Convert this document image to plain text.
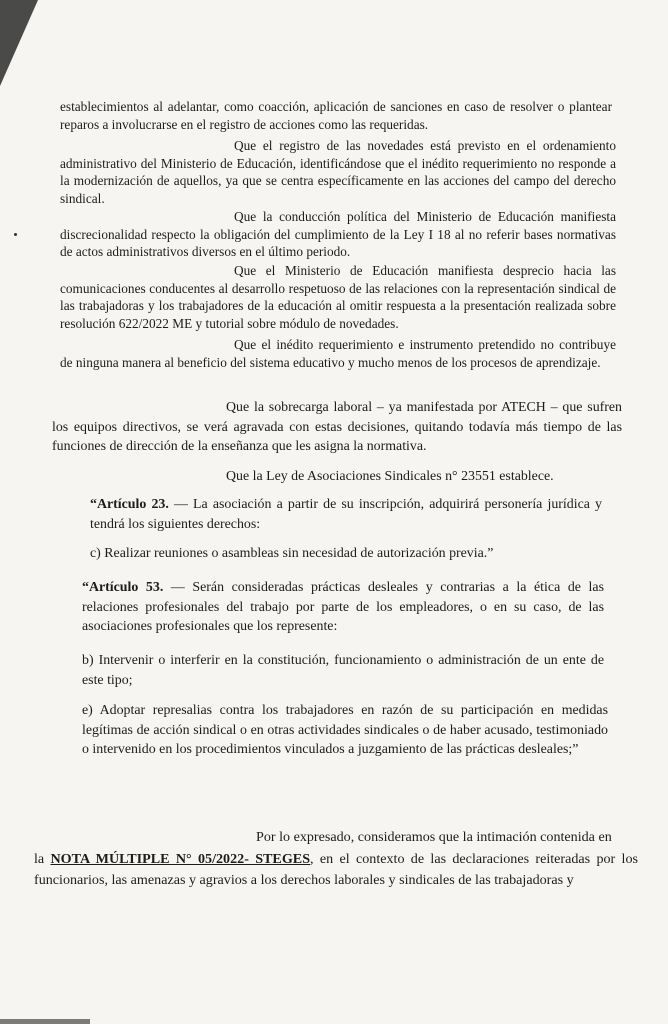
establecimientos al adelantar, como coacción, aplicación de sanciones en caso de resolver o plantear reparos a involucrarse en el registro de acciones como las requeridas.

Que el registro de las novedades está previsto en el ordenamiento administrativo del Ministerio de Educación, identificándose que el inédito requerimiento no responde a la modernización de aquellos, ya que se centra específicamente en las acciones del campo del derecho sindical.

Que la conducción política del Ministerio de Educación manifiesta discrecionalidad respecto la obligación del cumplimiento de la Ley I 18 al no referir bases normativas de actos administrativos diversos en el último periodo.

Que el Ministerio de Educación manifiesta desprecio hacia las comunicaciones conducentes al desarrollo respetuoso de las relaciones con la representación sindical de las trabajadoras y los trabajadores de la educación al omitir respuesta a la presentación realizada sobre resolución 622/2022 ME y tutorial sobre módulo de novedades.

Que el inédito requerimiento e instrumento pretendido no contribuye de ninguna manera al beneficio del sistema educativo y mucho menos de los procesos de aprendizaje.

Que la sobrecarga laboral – ya manifestada por ATECH – que sufren los equipos directivos, se verá agravada con estas decisiones, quitando todavía más tiempo de las funciones de dirección de la enseñanza que les asigna la normativa.

Que la Ley de Asociaciones Sindicales n° 23551 establece.

“Artículo 23. — La asociación a partir de su inscripción, adquirirá personería jurídica y tendrá los siguientes derechos:

c) Realizar reuniones o asambleas sin necesidad de autorización previa.”

“Artículo 53. — Serán consideradas prácticas desleales y contrarias a la ética de las relaciones profesionales del trabajo por parte de los empleadores, o en su caso, de las asociaciones profesionales que los represente:

b) Intervenir o interferir en la constitución, funcionamiento o administración de un ente de este tipo;

e) Adoptar represalias contra los trabajadores en razón de su participación en medidas legítimas de acción sindical o en otras actividades sindicales o de haber acusado, testimoniado o intervenido en los procedimientos vinculados a juzgamiento de las prácticas desleales;”

Por lo expresado, consideramos que la intimación contenida en

la NOTA MÚLTIPLE N° 05/2022- STEGES, en el contexto de las declaraciones reiteradas por los funcionarios, las amenazas y agravios a los derechos laborales y sindicales de las trabajadoras y
